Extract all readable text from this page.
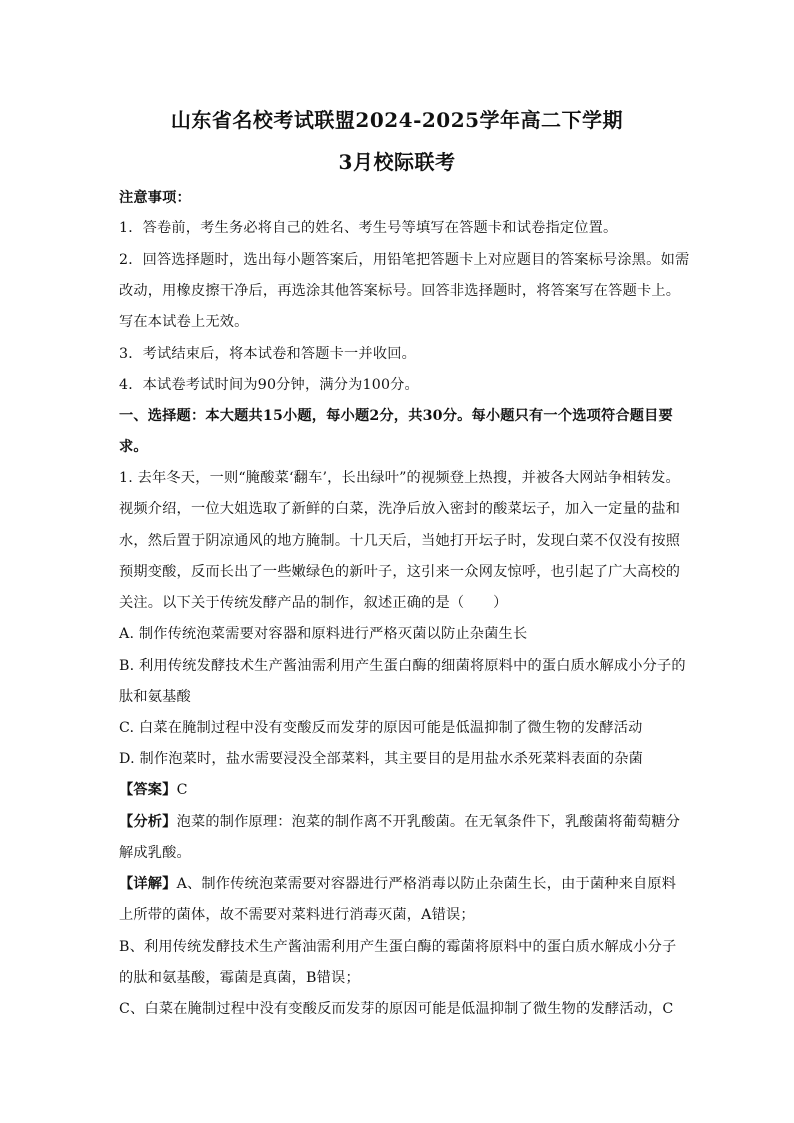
山东省名校考试联盟2024-2025学年高二下学期
3月校际联考
注意事项：
1．答卷前，考生务必将自己的姓名、考生号等填写在答题卡和试卷指定位置。
2．回答选择题时，选出每小题答案后，用铅笔把答题卡上对应题目的答案标号涂黑。如需
改动，用橡皮擦干净后，再选涂其他答案标号。回答非选择题时，将答案写在答题卡上。
写在本试卷上无效。
3．考试结束后，将本试卷和答题卡一并收回。
4．本试卷考试时间为90分钟，满分为100分。
一、选择题：本大题共15小题，每小题2分，共30分。每小题只有一个选项符合题目要
求。
1. 去年冬天，一则“腌酸菜‘翻车’，长出绿叶”的视频登上热搜，并被各大网站争相转发。
视频介绍，一位大姐选取了新鲜的白菜，洗净后放入密封的酸菜坛子，加入一定量的盐和
水，然后置于阴凉通风的地方腌制。十几天后，当她打开坛子时，发现白菜不仅没有按照
预期变酸，反而长出了一些嫩绿色的新叶子，这引来一众网友惊呼，也引起了广大高校的
关注。以下关于传统发酵产品的制作，叙述正确的是（　　）
A. 制作传统泡菜需要对容器和原料进行严格灭菌以防止杂菌生长
B. 利用传统发酵技术生产酱油需利用产生蛋白酶的细菌将原料中的蛋白质水解成小分子的
肽和氨基酸
C. 白菜在腌制过程中没有变酸反而发芽的原因可能是低温抑制了微生物的发酵活动
D. 制作泡菜时，盐水需要浸没全部菜料，其主要目的是用盐水杀死菜料表面的杂菌
【答案】C
【分析】泡菜的制作原理：泡菜的制作离不开乳酸菌。在无氧条件下，乳酸菌将葡萄糖分
解成乳酸。
【详解】A、制作传统泡菜需要对容器进行严格消毒以防止杂菌生长，由于菌种来自原料
上所带的菌体，故不需要对菜料进行消毒灭菌，A错误；
B、利用传统发酵技术生产酱油需利用产生蛋白酶的霉菌将原料中的蛋白质水解成小分子
的肽和氨基酸，霉菌是真菌，B错误；
C、白菜在腌制过程中没有变酸反而发芽的原因可能是低温抑制了微生物的发酵活动，C
